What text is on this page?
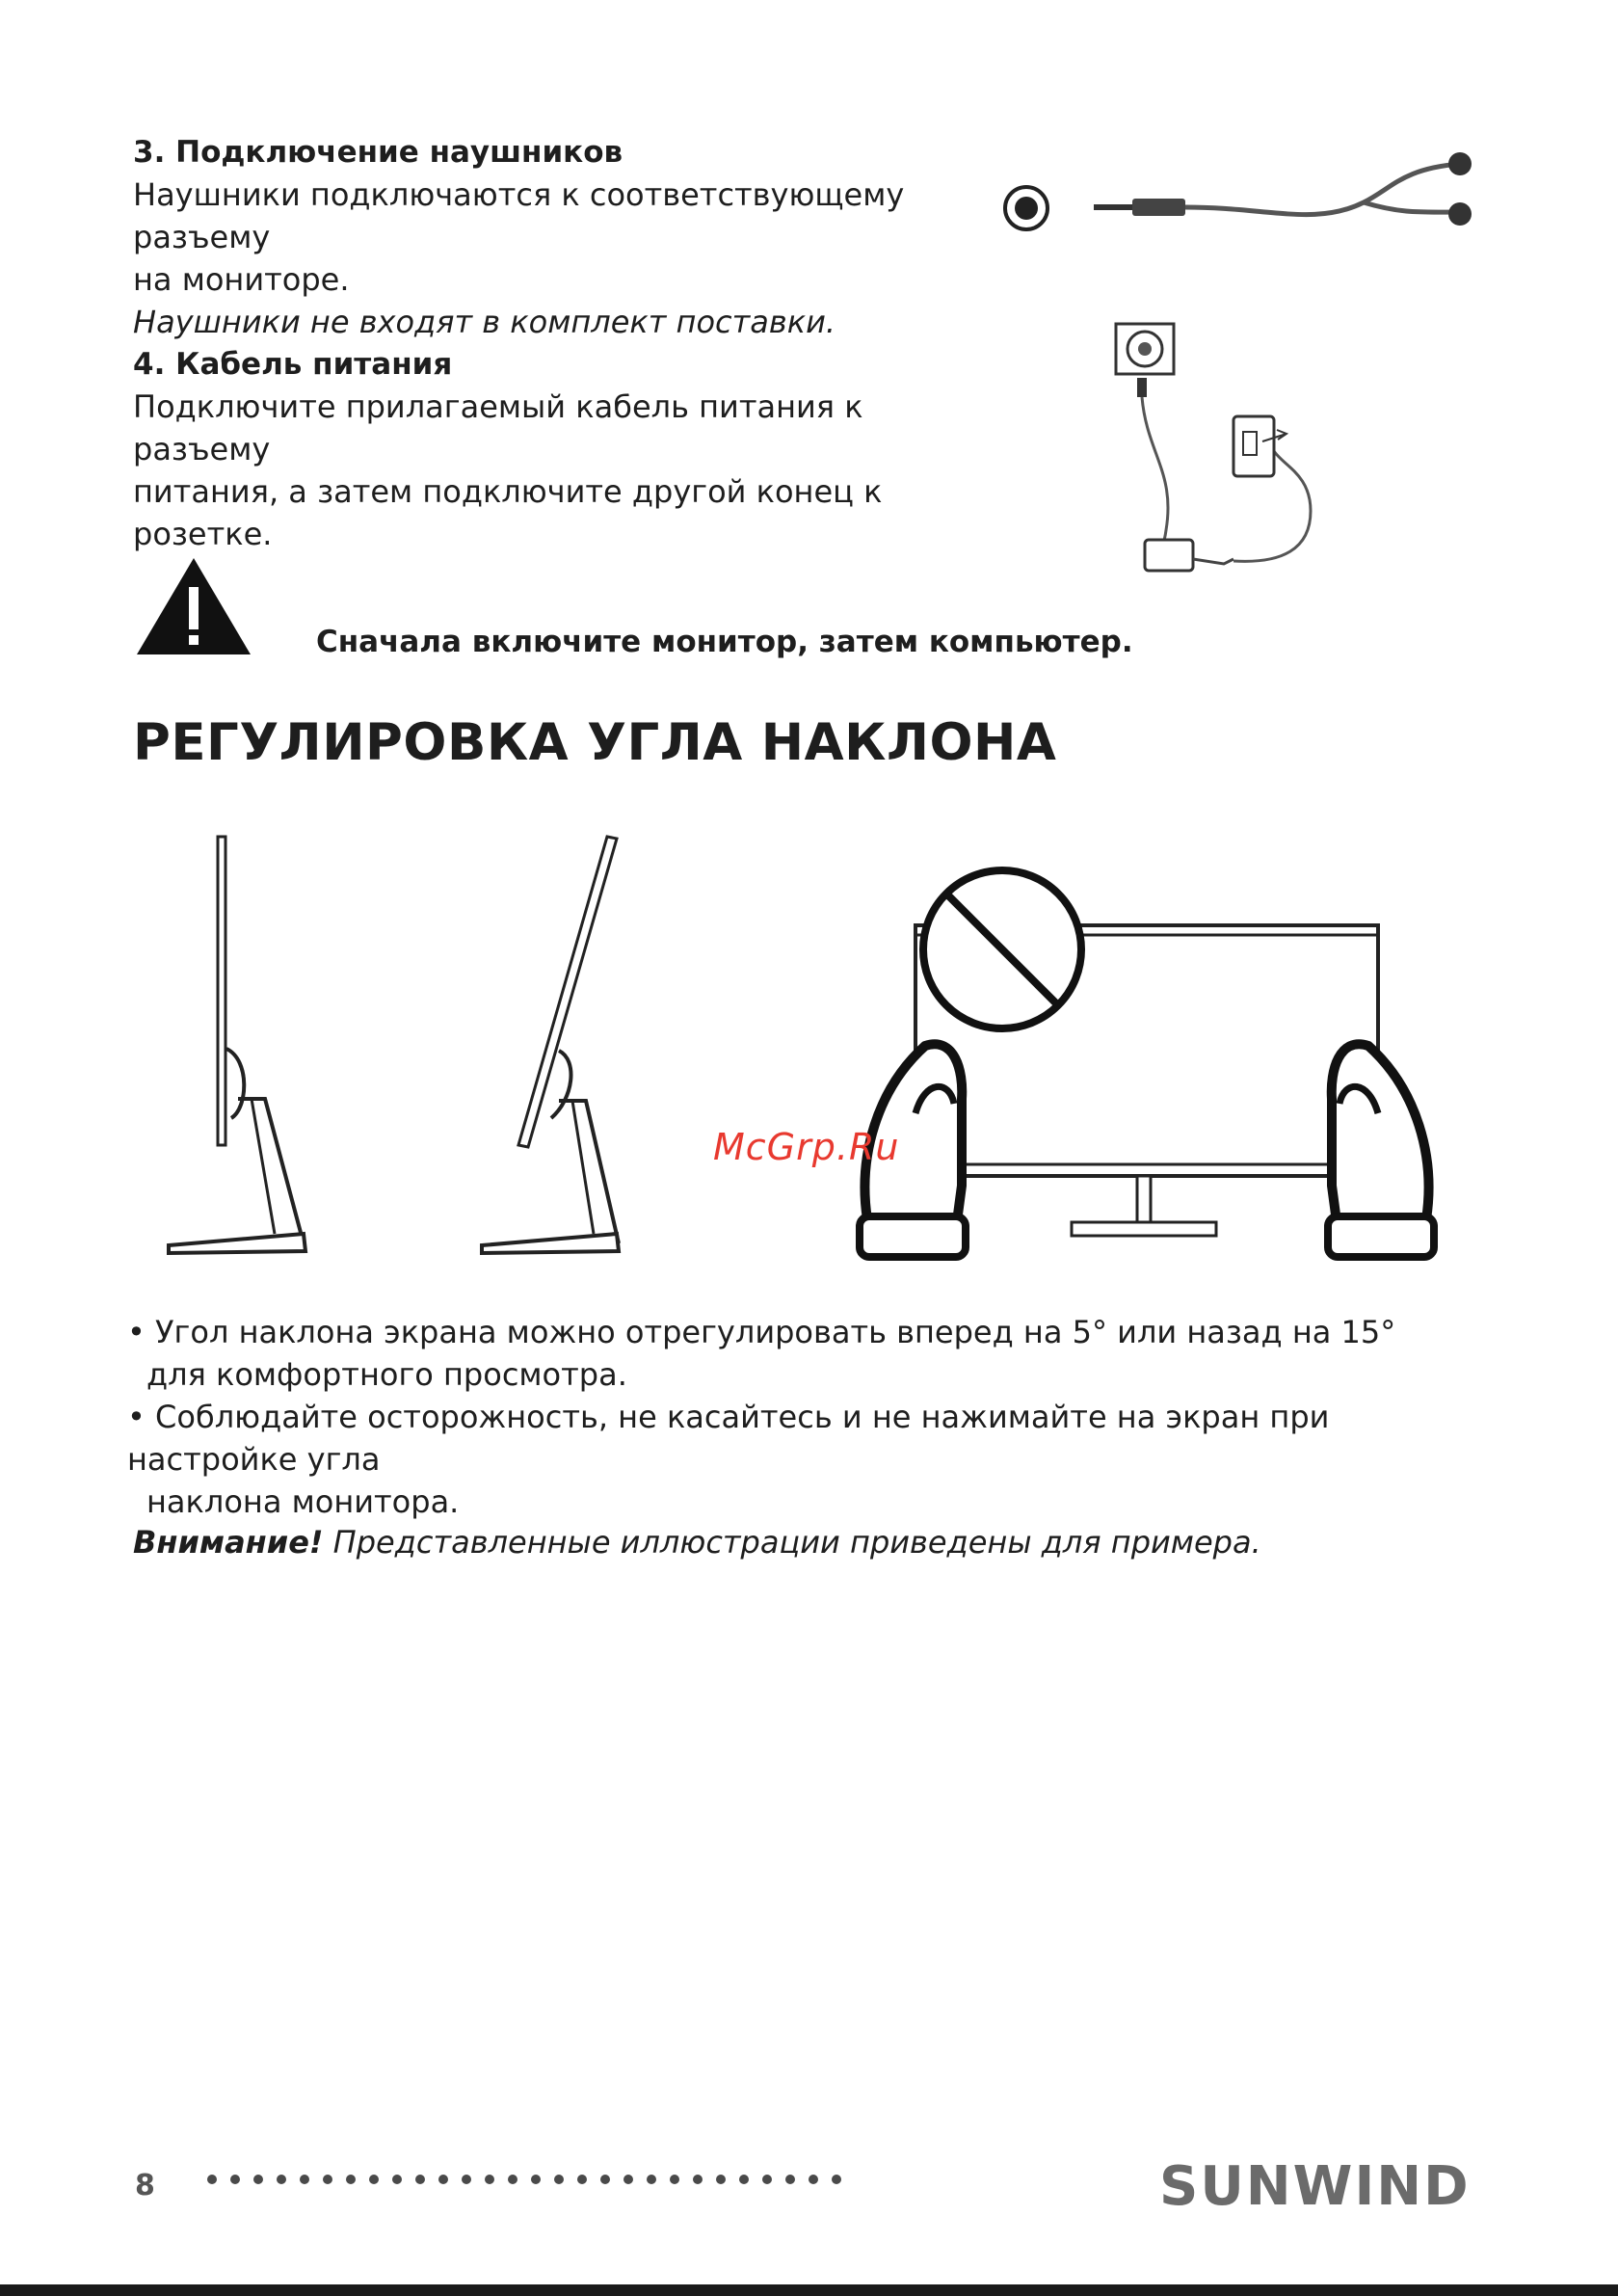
3. Подключение наушников

Наушники подключаются к соответствующему разъему
на мониторе.
Наушники не входят в комплект поставки.

4. Кабель питания

Подключите прилагаемый кабель питания к разъему
питания, а затем подключите другой конец к розетке.
Сначала включите монитор, затем компьютер.
РЕГУЛИРОВКА УГЛА НАКЛОНА
McGrp.Ru
• Угол наклона экрана можно отрегулировать вперед на 5° или назад на 15°
для комфортного просмотра.
• Соблюдайте осторожность, не касайтесь и не нажимайте на экран при настройке угла
наклона монитора.
Внимание! Представленные иллюстрации приведены для примера.
8	SUNWIND
